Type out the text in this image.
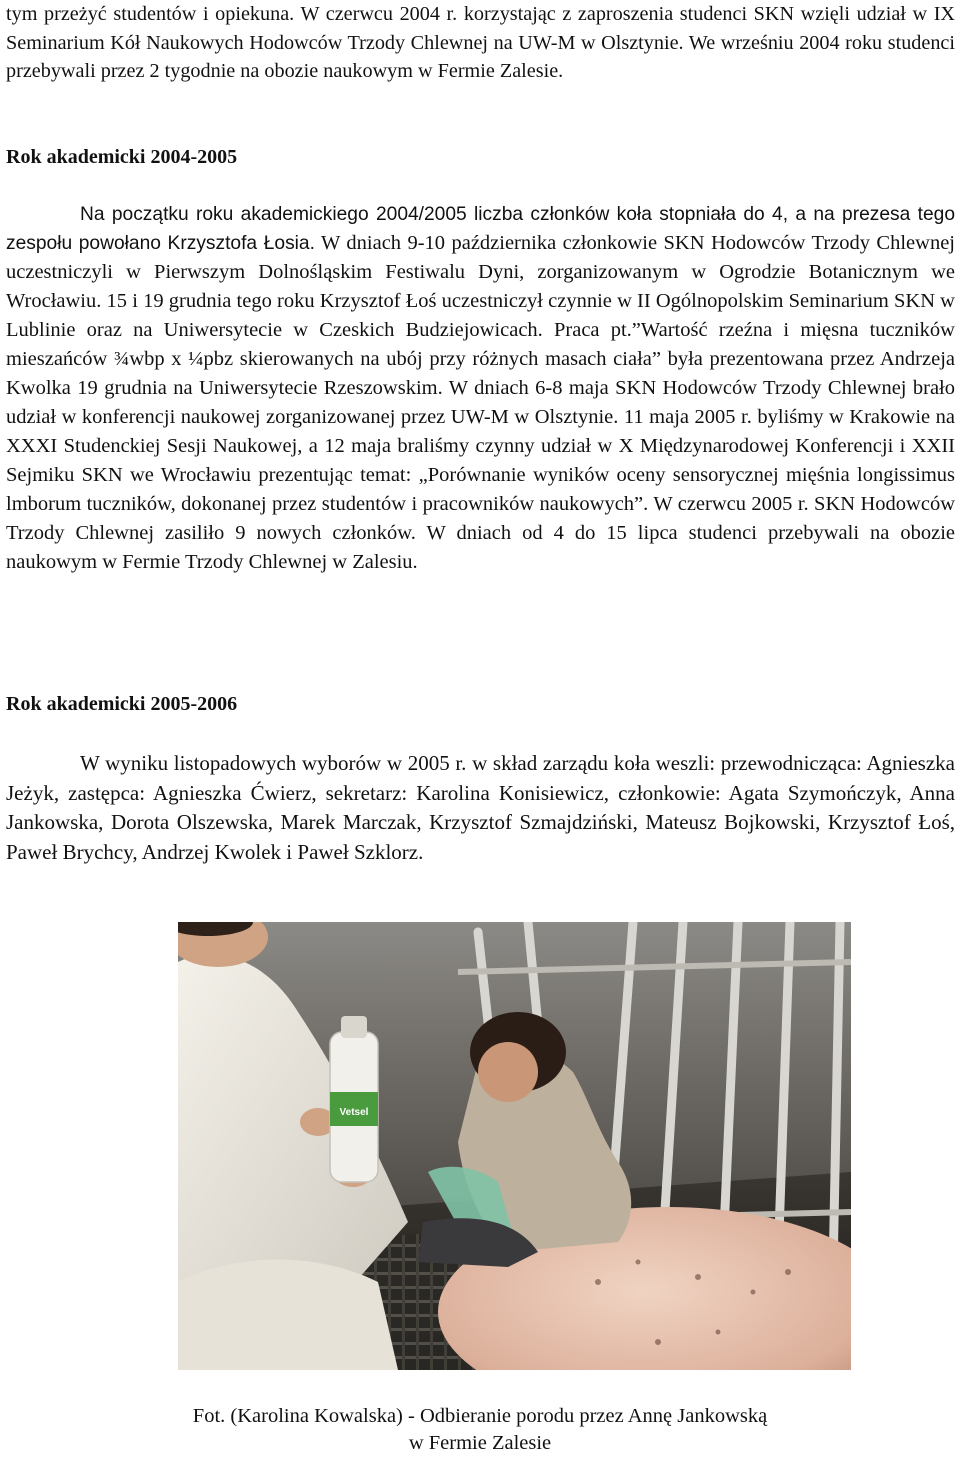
tym przeżyć studentów i opiekuna. W czerwcu 2004 r. korzystając z zaproszenia studenci SKN wzięli udział w IX Seminarium Kół Naukowych Hodowców Trzody Chlewnej na UW-M w Olsztynie. We wrześniu 2004 roku studenci przebywali przez 2 tygodnie na obozie naukowym w Fermie Zalesie.

Rok akademicki 2004-2005

Na początku roku akademickiego 2004/2005 liczba członków koła stopniała do 4, a na prezesa tego zespołu powołano Krzysztofa Łosia. W dniach 9-10 października członkowie SKN Hodowców Trzody Chlewnej uczestniczyli w Pierwszym Dolnośląskim Festiwalu Dyni, zorganizowanym w Ogrodzie Botanicznym we Wrocławiu. 15 i 19 grudnia tego roku Krzysztof Łoś uczestniczył czynnie w II Ogólnopolskim Seminarium SKN w Lublinie oraz na Uniwersytecie w Czeskich Budziejowicach. Praca pt.”Wartość rzeźna i mięsna tuczników mieszańców ¾wbp x ¼pbz skierowanych na ubój przy różnych masach ciała” była prezentowana przez Andrzeja Kwolka 19 grudnia na Uniwersytecie Rzeszowskim. W dniach 6-8 maja SKN Hodowców Trzody Chlewnej brało udział w konferencji naukowej zorganizowanej przez UW-M w Olsztynie. 11 maja 2005 r. byliśmy w Krakowie na XXXI Studenckiej Sesji Naukowej, a 12 maja braliśmy czynny udział w X Międzynarodowej Konferencji i XXII Sejmiku SKN we Wrocławiu prezentując temat: „Porównanie wyników oceny sensorycznej mięśnia longissimus lmborum tuczników, dokonanej przez studentów i pracowników naukowych”. W czerwcu 2005 r. SKN Hodowców Trzody Chlewnej zasiliło 9 nowych członków. W dniach od 4 do 15 lipca studenci przebywali na obozie naukowym w Fermie Trzody Chlewnej w Zalesiu.

Rok akademicki 2005-2006

W wyniku listopadowych wyborów w 2005 r. w skład zarządu koła weszli: przewodnicząca: Agnieszka Jeżyk, zastępca: Agnieszka Ćwierz, sekretarz: Karolina Konisiewicz, członkowie: Agata Szymończyk, Anna Jankowska, Dorota Olszewska, Marek Marczak, Krzysztof Szmajdziński, Mateusz Bojkowski, Krzysztof Łoś, Paweł Brychcy, Andrzej Kwolek i Paweł Szklorz.

Vetsel
Fot. (Karolina Kowalska) - Odbieranie porodu przez Annę Jankowską
w Fermie Zalesie
